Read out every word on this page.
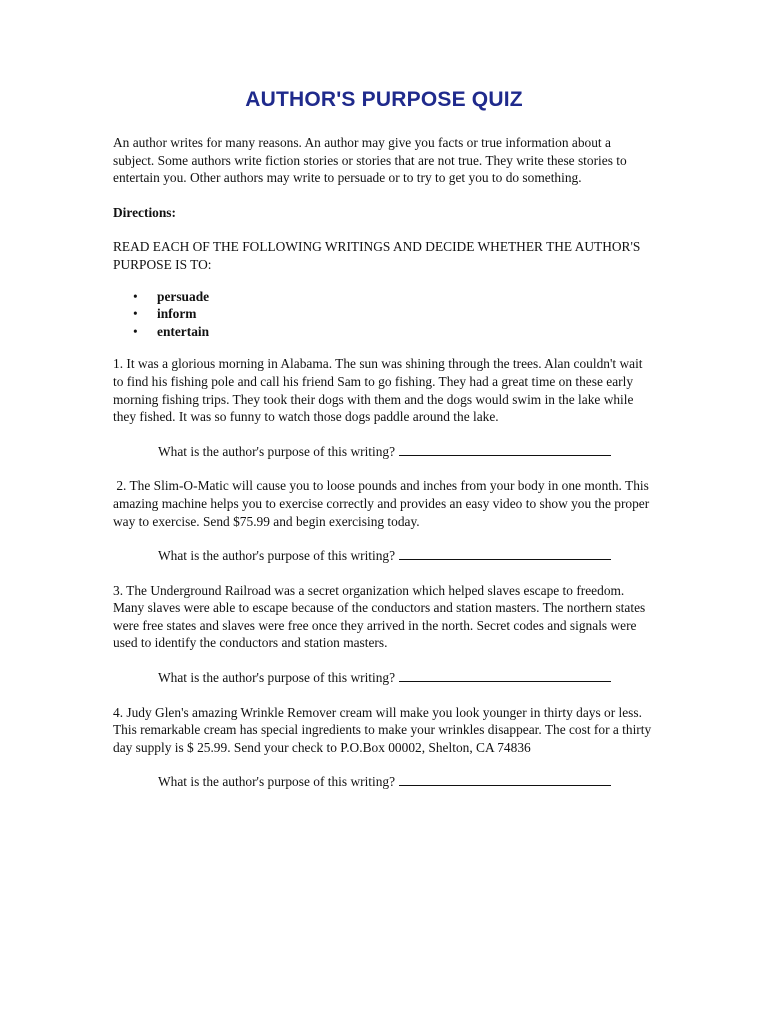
AUTHOR'S PURPOSE QUIZ

An author writes for many reasons. An author may give you facts or true information about a subject. Some authors write fiction stories or stories that are not true. They write these stories to entertain you. Other authors may write to persuade or to try to get you to do something.

Directions:

READ EACH OF THE FOLLOWING WRITINGS AND DECIDE WHETHER THE AUTHOR'S PURPOSE IS TO:

• persuade
• inform
• entertain

1. It was a glorious morning in Alabama. The sun was shining through the trees. Alan couldn't wait to find his fishing pole and call his friend Sam to go fishing. They had a great time on these early morning fishing trips. They took their dogs with them and the dogs would swim in the lake while they fished. It was so funny to watch those dogs paddle around the lake.

What is the author's purpose of this writing?

2. The Slim-O-Matic will cause you to loose pounds and inches from your body in one month. This amazing machine helps you to exercise correctly and provides an easy video to show you the proper way to exercise. Send $75.99 and begin exercising today.

What is the author's purpose of this writing?

3. The Underground Railroad was a secret organization which helped slaves escape to freedom. Many slaves were able to escape because of the conductors and station masters. The northern states were free states and slaves were free once they arrived in the north. Secret codes and signals were used to identify the conductors and station masters.

What is the author's purpose of this writing?

4. Judy Glen's amazing Wrinkle Remover cream will make you look younger in thirty days or less. This remarkable cream has special ingredients to make your wrinkles disappear. The cost for a thirty day supply is $ 25.99. Send your check to P.O.Box 00002, Shelton, CA 74836

What is the author's purpose of this writing?
